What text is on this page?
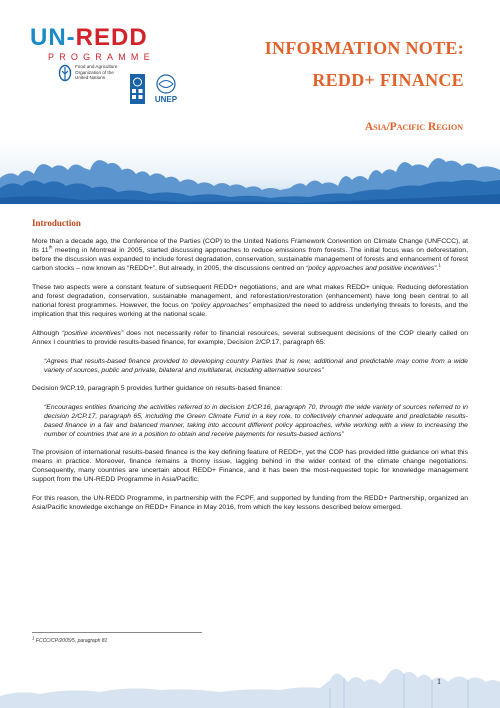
UN-REDD
PROGRAMME
Food and Agriculture Organization of the United Nations
UNEP
INFORMATION NOTE:
REDD+ FINANCE
Asia/Pacific Region
Introduction

More than a decade ago, the Conference of the Parties (COP) to the United Nations Framework Convention on Climate Change (UNFCCC), at its 11th meeting in Montreal in 2005, started discussing approaches to reduce emissions from forests. The initial focus was on deforestation, before the discussion was expanded to include forest degradation, conservation, sustainable management of forests and enhancement of forest carbon stocks – now known as “REDD+”. But already, in 2005, the discussions centred on “policy approaches and positive incentives”.$^1$

These two aspects were a constant feature of subsequent REDD+ negotiations, and are what makes REDD+ unique. Reducing deforestation and forest degradation, conservation, sustainable management, and reforestation/restoration (enhancement) have long been central to all national forest programmes. However, the focus on “policy approaches” emphasized the need to address underlying threats to forests, and the implication that this requires working at the national scale.

Although “positive incentives” does not necessarily refer to financial resources, several subsequent decisions of the COP clearly called on Annex I countries to provide results-based finance, for example, Decision 2/CP.17, paragraph 65:

“Agrees that results-based finance provided to developing country Parties that is new, additional and predictable may come from a wide variety of sources, public and private, bilateral and multilateral, including alternative sources”

Decision 9/CP.19, paragraph 5 provides further guidance on results-based finance:

“Encourages entities financing the activities referred to in decision 1/CP.16, paragraph 70, through the wide variety of sources referred to in decision 2/CP.17, paragraph 65, including the Green Climate Fund in a key role, to collectively channel adequate and predictable results-based finance in a fair and balanced manner, taking into account different policy approaches, while working with a view to increasing the number of countries that are in a position to obtain and receive payments for results-based actions”

The provision of international results-based finance is the key defining feature of REDD+, yet the COP has provided little guidance on what this means in practice. Moreover, finance remains a thorny issue, lagging behind in the wider context of the climate change negotiations. Consequently, many countries are uncertain about REDD+ Finance, and it has been the most-requested topic for knowledge management support from the UN-REDD Programme in Asia/Pacific.

For this reason, the UN-REDD Programme, in partnership with the FCPF, and supported by funding from the REDD+ Partnership, organized an Asia/Pacific knowledge exchange on REDD+ Finance in May 2016, from which the key lessons described below emerged.

$^1$ FCCC/CP/2005/5, paragraph 81
1
